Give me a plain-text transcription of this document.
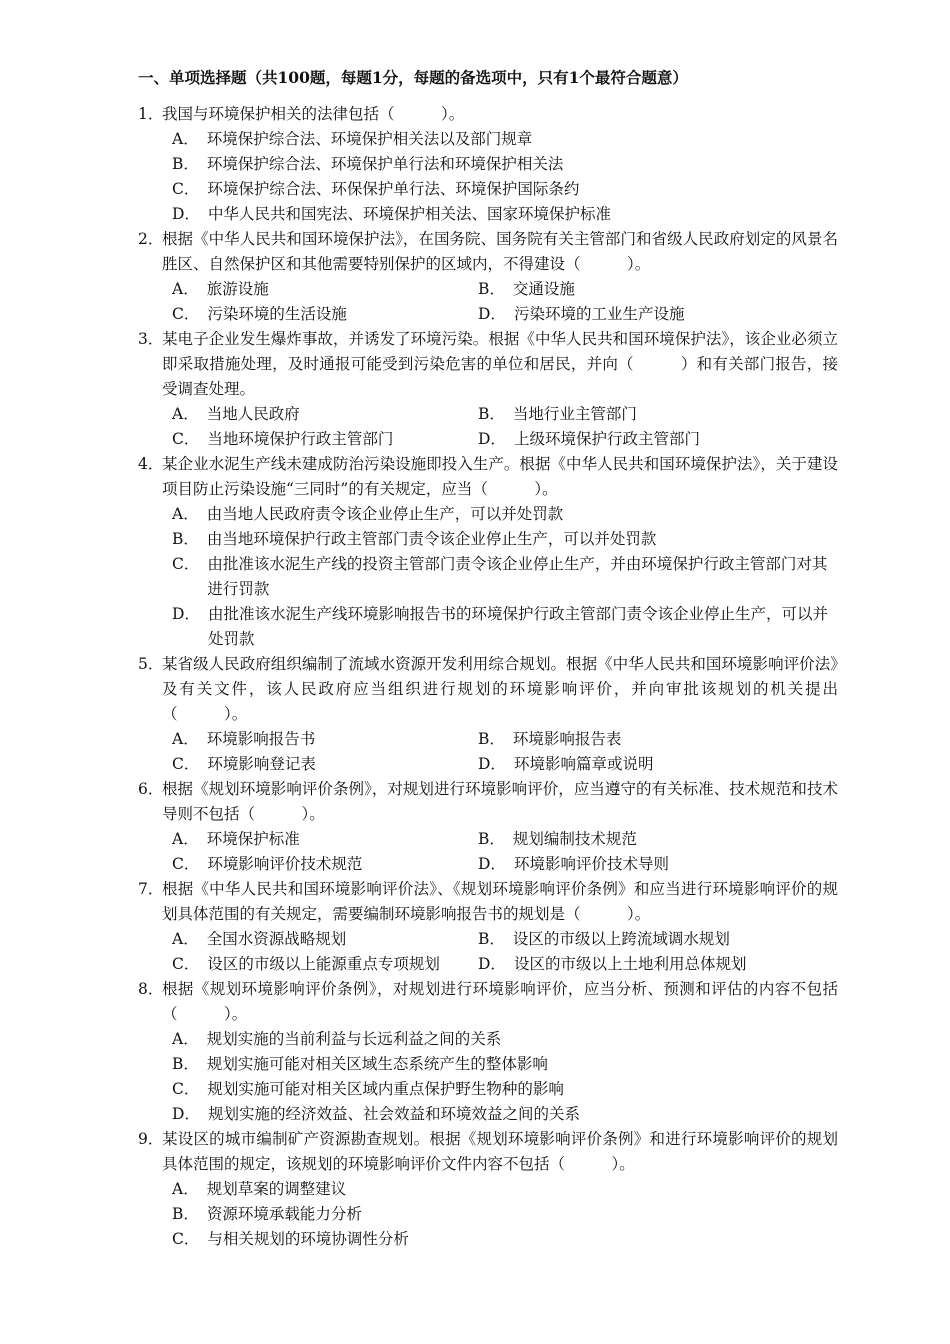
一、单项选择题（共100题，每题1分，每题的备选项中，只有1个最符合题意）
1．
我国与环境保护相关的法律包括（　　　）。
A． 环境保护综合法、环境保护相关法以及部门规章
B． 环境保护综合法、环境保护单行法和环境保护相关法
C． 环境保护综合法、环保保护单行法、环境保护国际条约
D． 中华人民共和国宪法、环境保护相关法、国家环境保护标准
2．
根据《中华人民共和国环境保护法》，在国务院、国务院有关主管部门和省级人民政府划定的风景名胜区、自然保护区和其他需要特别保护的区域内，不得建设（　　　）。
A． 旅游设施	B． 交通设施
C． 污染环境的生活设施	D． 污染环境的工业生产设施
3．
某电子企业发生爆炸事故，并诱发了环境污染。根据《中华人民共和国环境保护法》，该企业必须立即采取措施处理，及时通报可能受到污染危害的单位和居民，并向（　　　）和有关部门报告，接受调查处理。
A． 当地人民政府	B． 当地行业主管部门
C． 当地环境保护行政主管部门	D． 上级环境保护行政主管部门
4．
某企业水泥生产线未建成防治污染设施即投入生产。根据《中华人民共和国环境保护法》，关于建设项目防止污染设施“三同时”的有关规定，应当（　　　）。
A． 由当地人民政府责令该企业停止生产，可以并处罚款
B． 由当地环境保护行政主管部门责令该企业停止生产，可以并处罚款
C． 由批准该水泥生产线的投资主管部门责令该企业停止生产，并由环境保护行政主管部门对其进行罚款
D． 由批准该水泥生产线环境影响报告书的环境保护行政主管部门责令该企业停止生产，可以并处罚款
5．
某省级人民政府组织编制了流域水资源开发利用综合规划。根据《中华人民共和国环境影响评价法》及有关文件，该人民政府应当组织进行规划的环境影响评价，并向审批该规划的机关提出（　　　）。
A． 环境影响报告书	B． 环境影响报告表
C． 环境影响登记表	D． 环境影响篇章或说明
6．
根据《规划环境影响评价条例》，对规划进行环境影响评价，应当遵守的有关标准、技术规范和技术导则不包括（　　　）。
A． 环境保护标准	B． 规划编制技术规范
C． 环境影响评价技术规范	D． 环境影响评价技术导则
7．
根据《中华人民共和国环境影响评价法》、《规划环境影响评价条例》和应当进行环境影响评价的规划具体范围的有关规定，需要编制环境影响报告书的规划是（　　　）。
A． 全国水资源战略规划	B． 设区的市级以上跨流域调水规划
C． 设区的市级以上能源重点专项规划	D． 设区的市级以上土地利用总体规划
8．
根据《规划环境影响评价条例》，对规划进行环境影响评价，应当分析、预测和评估的内容不包括（　　　）。
A． 规划实施的当前利益与长远利益之间的关系
B． 规划实施可能对相关区域生态系统产生的整体影响
C． 规划实施可能对相关区域内重点保护野生物种的影响
D． 规划实施的经济效益、社会效益和环境效益之间的关系
9．
某设区的城市编制矿产资源勘查规划。根据《规划环境影响评价条例》和进行环境影响评价的规划具体范围的规定，该规划的环境影响评价文件内容不包括（　　　）。
A． 规划草案的调整建议
B． 资源环境承载能力分析
C． 与相关规划的环境协调性分析
